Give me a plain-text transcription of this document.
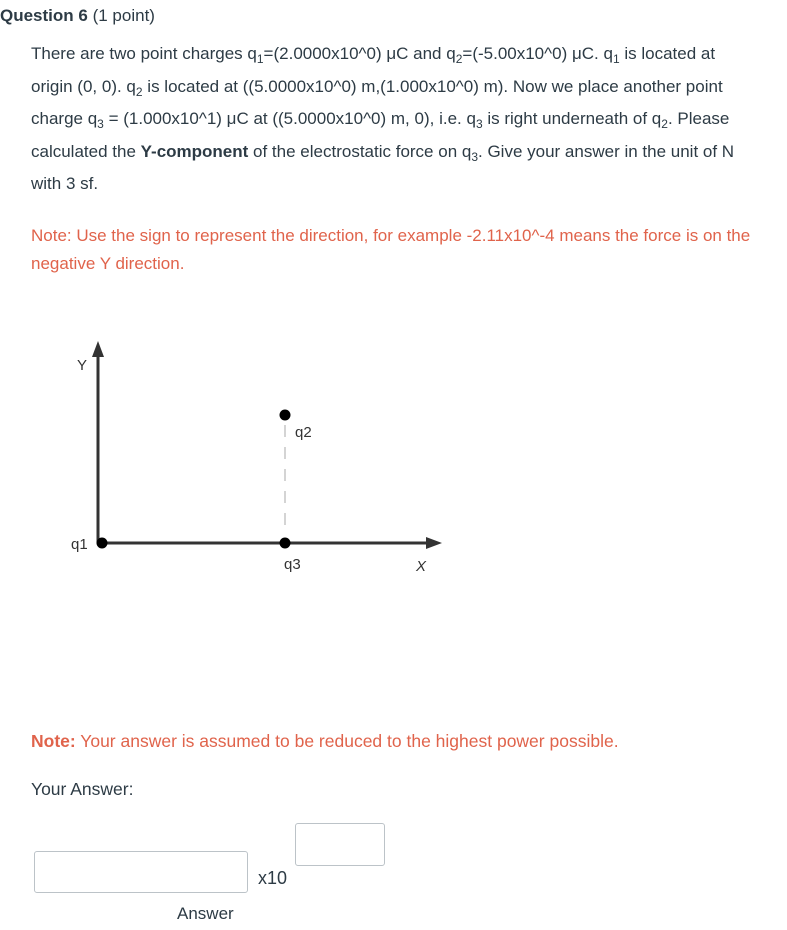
Question 6 (1 point)
There are two point charges $q_1=(2.0000x10\^{}0)$ μC and $q_2=(-5.00x10\^{}0)$ μC. $q_1$ is located at origin (0, 0). $q_2$ is located at ((5.0000x10^0) m,(1.000x10^0) m). Now we place another point charge $q_3$ = (1.000x10^1) μC at ((5.0000x10^0) m, 0), i.e. $q_3$ is right underneath of $q_2$. Please calculated the Y-component of the electrostatic force on $q_3$. Give your answer in the unit of N with 3 sf.
Note: Use the sign to represent the direction, for example -2.11x10^-4 means the force is on the negative Y direction.
Y
X
q1
q2
q3
Note: Your answer is assumed to be reduced to the highest power possible.
Your Answer:
x10
Answer
